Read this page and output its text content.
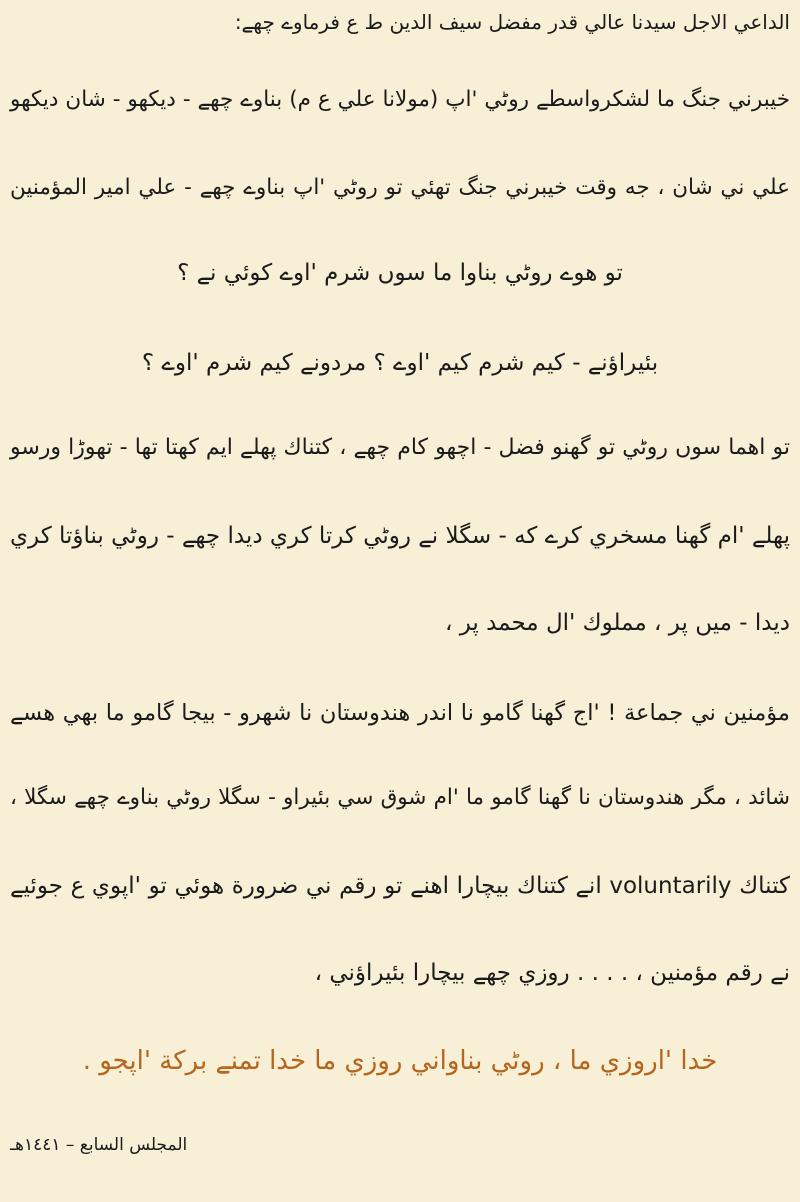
الداعي الاجل سيدنا عالي قدر مفضل سيف الدين ط ع فرماوے چھے:
خيبرني جنگ ما لشكرواسطے روٹي 'اپ (مولانا علي ع م) بناوے چھے - ديكھو - شان ديكھو
علي ني شان ، جه وقت خيبرني جنگ تهئي تو روٹي 'اپ بناوے چھے - علي امير المؤمنين
تو هوے روٹي بناوا ما سوں شرم 'اوے كوئي نے ؟
بئيراؤنے - كيم شرم كيم 'اوے ؟ مردونے كيم شرم 'اوے ؟
تو اهما سوں روٹي تو گهنو فضل - اچھو كام چھے ، كتناك پهلے ايم كهتا تها - تهوڑا ورسو
پهلے 'ام گهنا مسخري كرے كه - سگلا نے روٹي كرتا كري ديدا چھے - روٹي بناؤتا كري
ديدا - ميں پر ، مملوك 'ال محمد پر ،
مؤمنين ني جماعة ! 'اج گهنا گامو نا اندر هندوستان نا شهرو - بيجا گامو ما بهي هسے
شائد ، مگر هندوستان نا گهنا گامو ما 'ام شوق سي بئيراو - سگلا روٹي بناوے چھے سگلا ،
كتناك voluntarily انے كتناك بيچارا اهنے تو رقم ني ضرورة هوئي تو 'اپوي ع جوئيے
نے رقم مؤمنين ، . . . . روزي چھے بيچارا بئيراؤني ،
خدا 'اروزي ما ، روٹي بناواني روزي ما خدا تمنے بركة 'اپجو .
المجلس السابع – ١٤٤١هـ
